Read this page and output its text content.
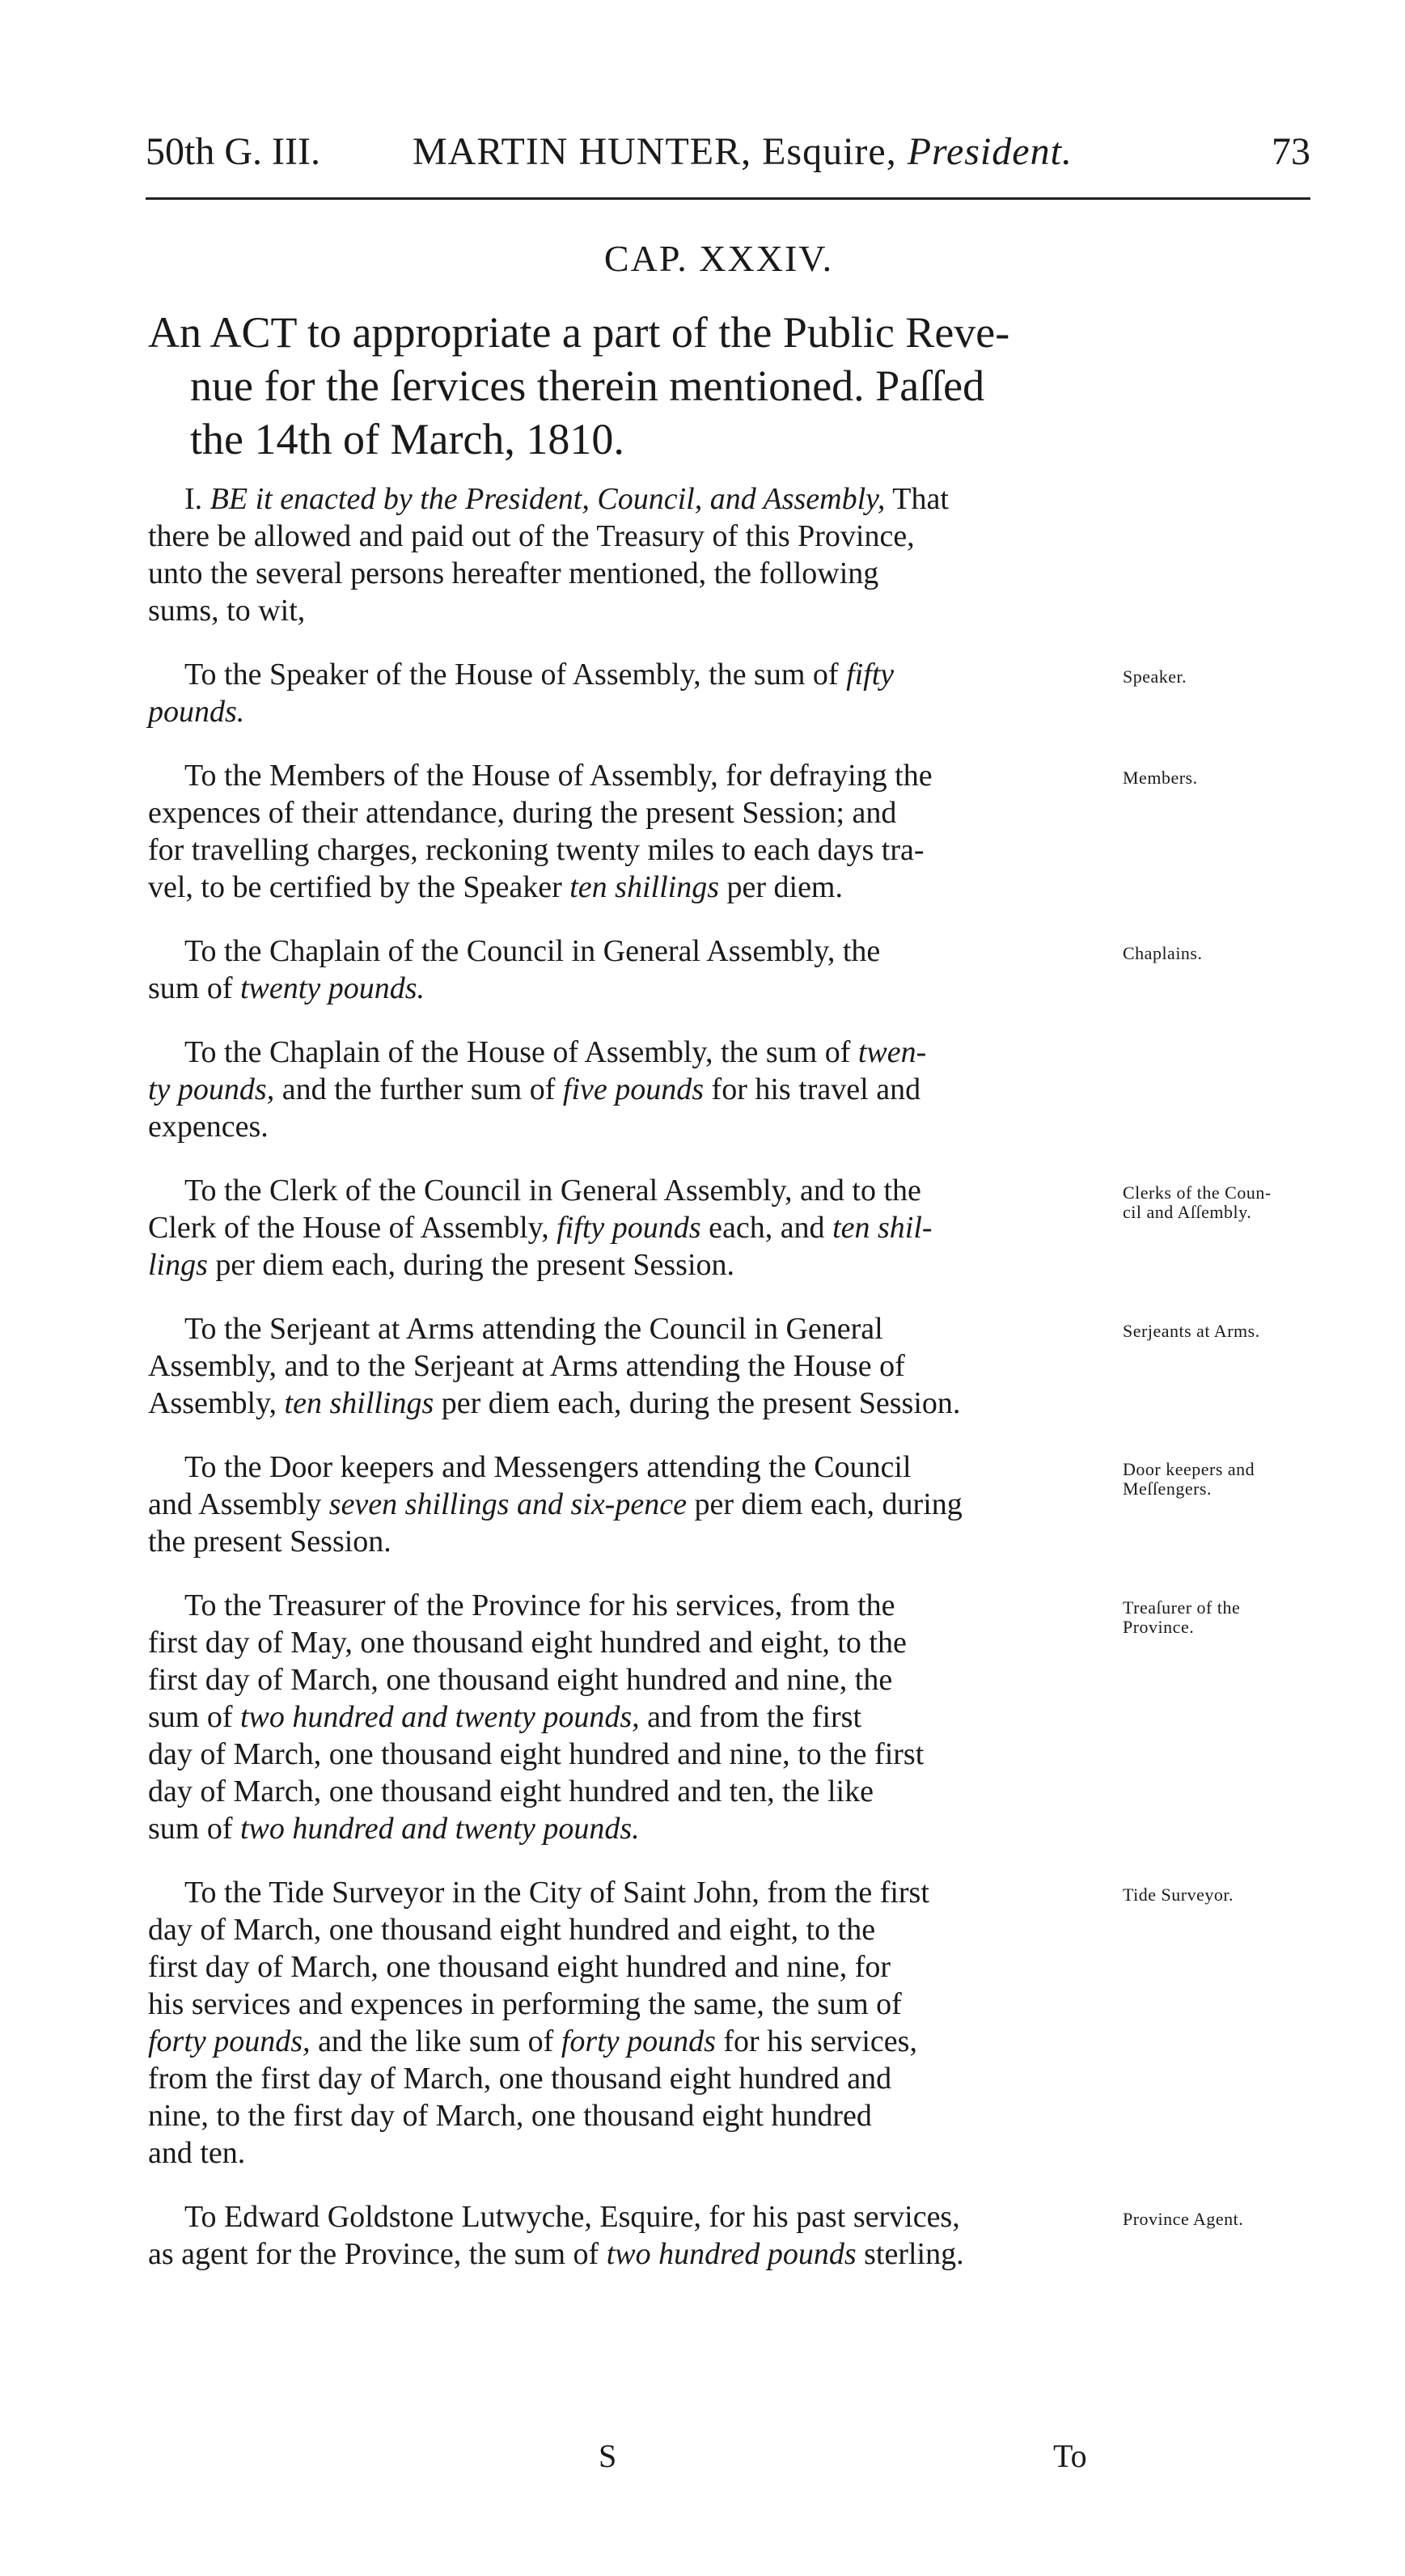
50th G. III. MARTIN HUNTER, Esquire, President.	73
CAP. XXXIV.
An ACT to appropriate a part of the Public Reve-
nue for the ſervices therein mentioned. Paſſed
the 14th of March, 1810.
I. BE it enacted by the President, Council, and Assembly, That
there be allowed and paid out of the Treasury of this Province,
unto the several persons hereafter mentioned, the following
sums, to wit,
To the Speaker of the House of Assembly, the sum of fifty
pounds.
To the Members of the House of Assembly, for defraying the
expences of their attendance, during the present Session; and
for travelling charges, reckoning twenty miles to each days tra-
vel, to be certified by the Speaker ten shillings per diem.
To the Chaplain of the Council in General Assembly, the
sum of twenty pounds.
To the Chaplain of the House of Assembly, the sum of twen-
ty pounds, and the further sum of five pounds for his travel and
expences.
To the Clerk of the Council in General Assembly, and to the
Clerk of the House of Assembly, fifty pounds each, and ten shil-
lings per diem each, during the present Session.
To the Serjeant at Arms attending the Council in General
Assembly, and to the Serjeant at Arms attending the House of
Assembly, ten shillings per diem each, during the present Session.
To the Door keepers and Messengers attending the Council
and Assembly seven shillings and six-pence per diem each, during
the present Session.
To the Treasurer of the Province for his services, from the
first day of May, one thousand eight hundred and eight, to the
first day of March, one thousand eight hundred and nine, the
sum of two hundred and twenty pounds, and from the first
day of March, one thousand eight hundred and nine, to the first
day of March, one thousand eight hundred and ten, the like
sum of two hundred and twenty pounds.
To the Tide Surveyor in the City of Saint John, from the first
day of March, one thousand eight hundred and eight, to the
first day of March, one thousand eight hundred and nine, for
his services and expences in performing the same, the sum of
forty pounds, and the like sum of forty pounds for his services,
from the first day of March, one thousand eight hundred and
nine, to the first day of March, one thousand eight hundred
and ten.
To Edward Goldstone Lutwyche, Esquire, for his past services,
as agent for the Province, the sum of two hundred pounds sterling.
Speaker.
Members.
Chaplains.
Clerks of the Coun-
cil and Aſſembly.
Serjeants at Arms.
Door keepers and
Meſſengers.
Treaſurer of the
Province.
Tide Surveyor.
Province Agent.
S	To
